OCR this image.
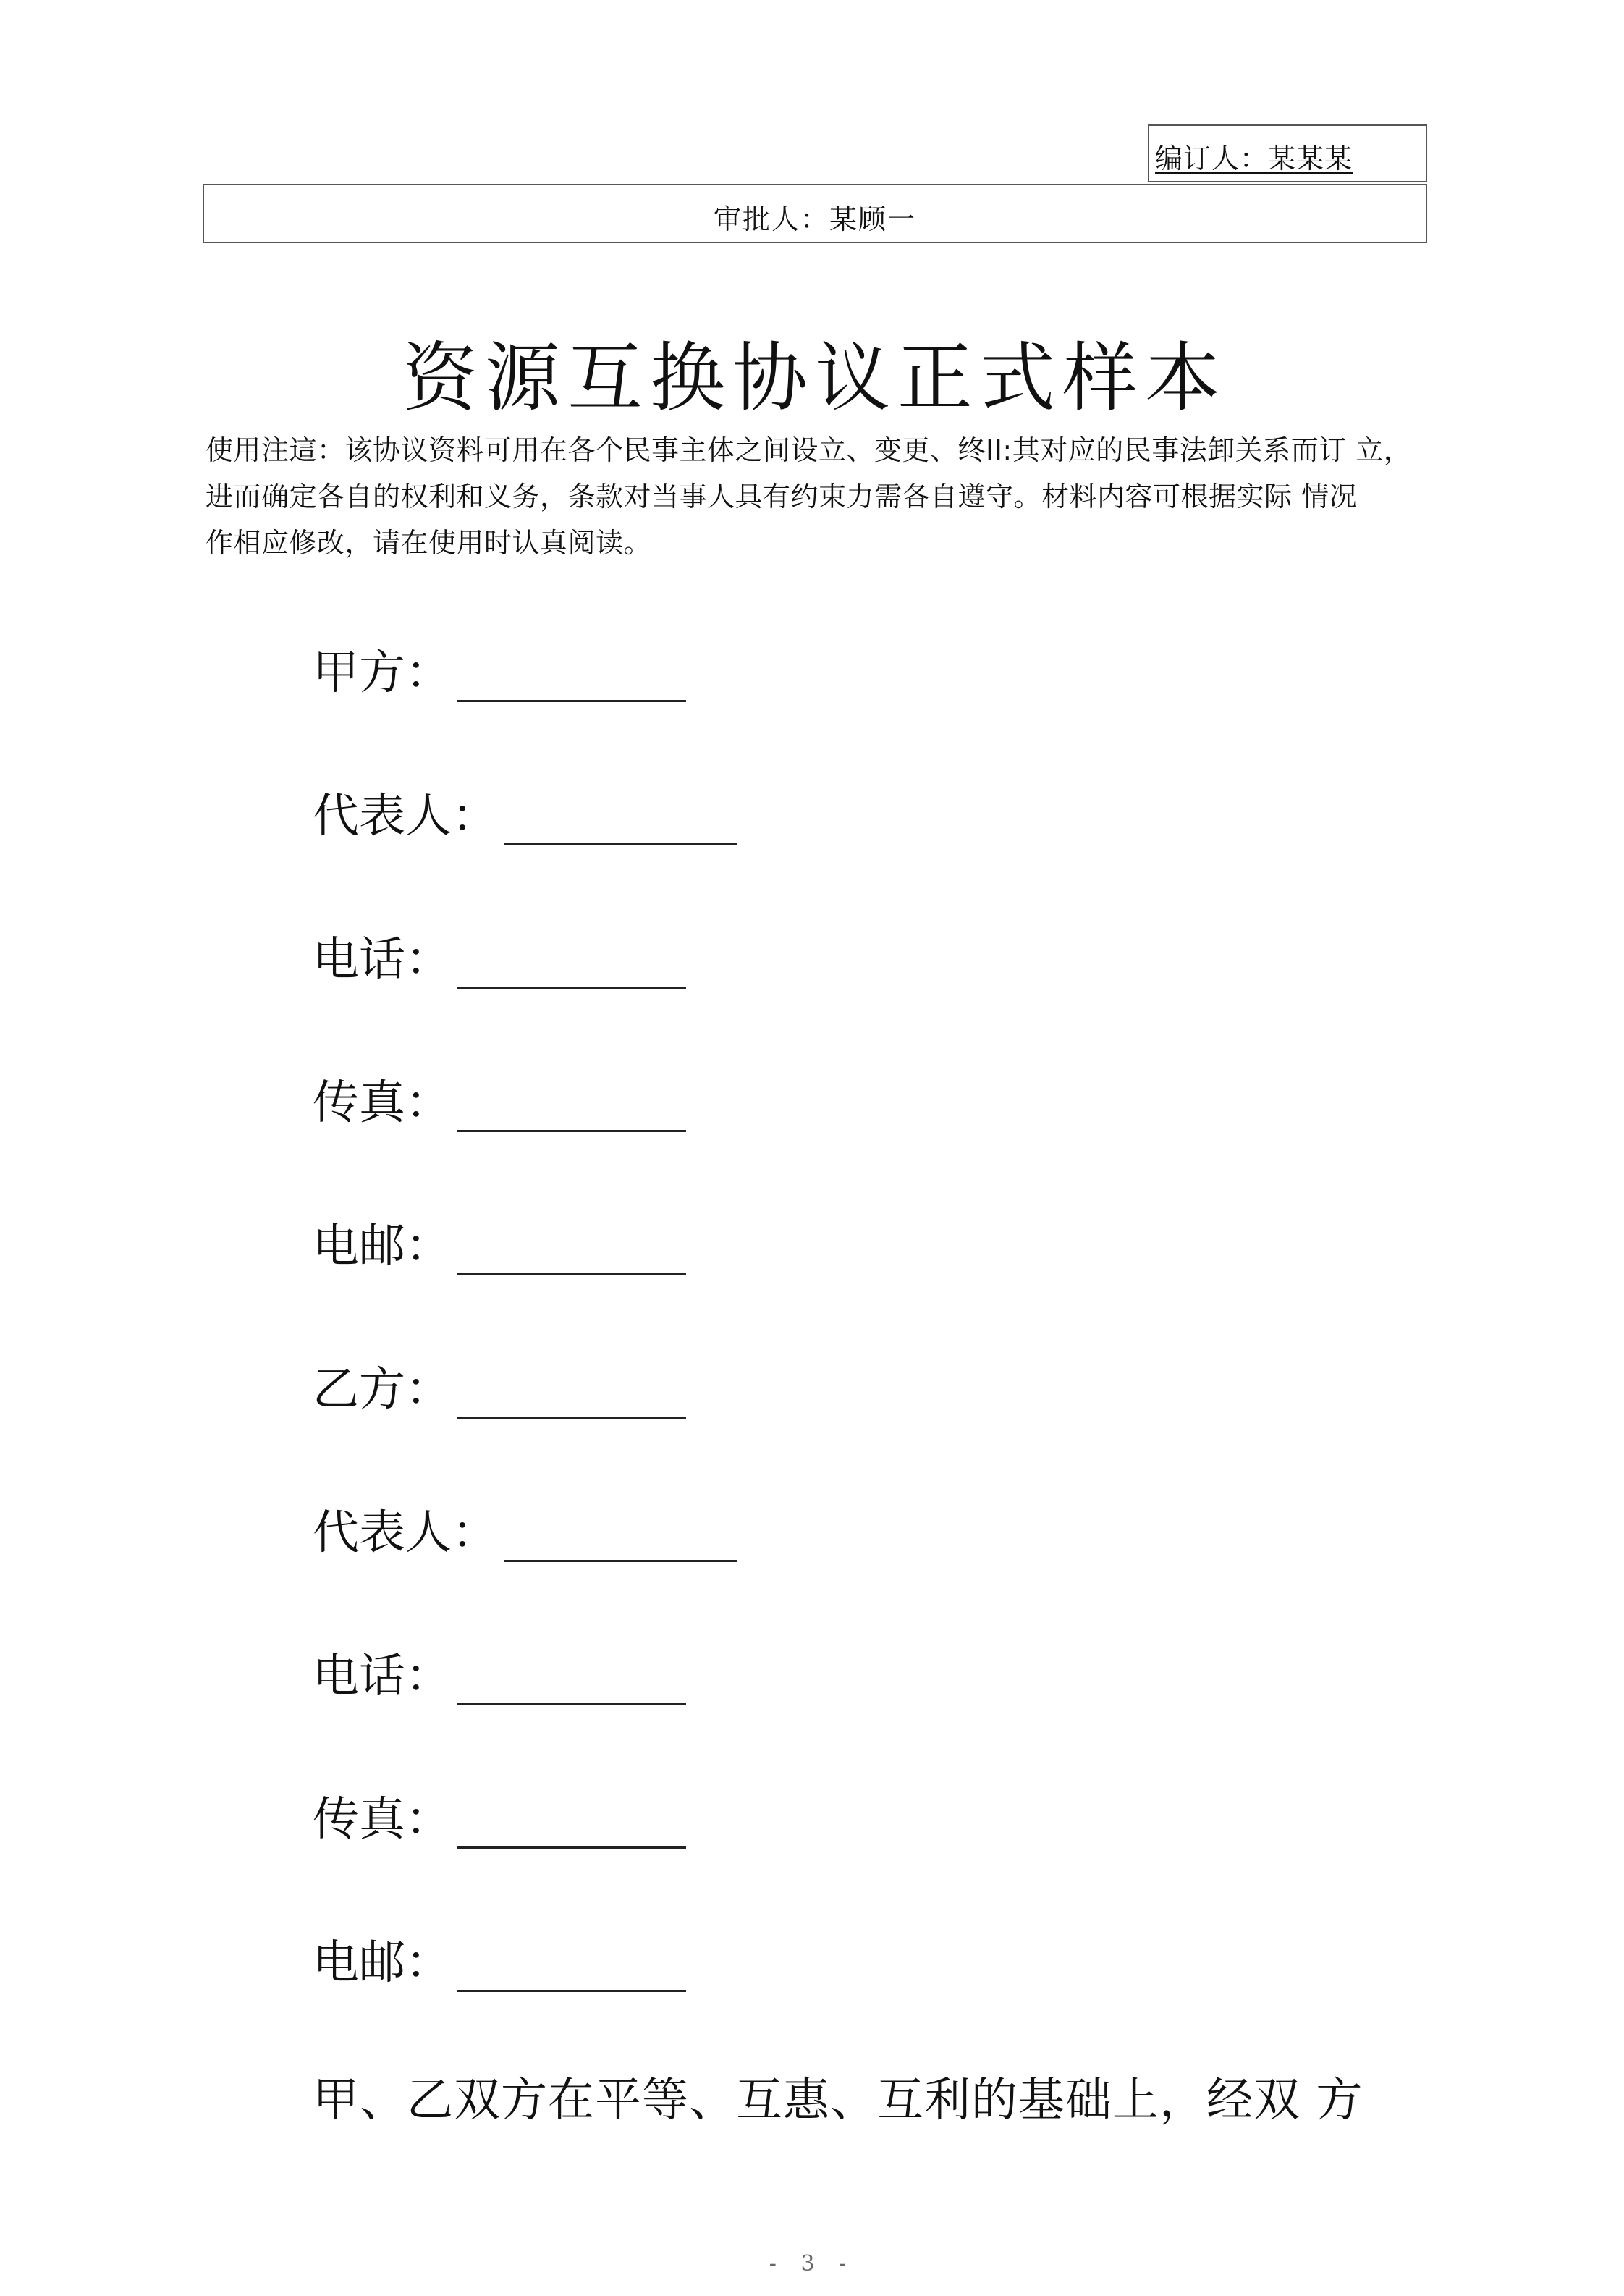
编订人：某某某
审批人：某顾一
资源互换协议正式样本
使用注這：该协议资料可用在各个民事主体之间设立、变更、终II:其对应的民事法卸关系而订 立，
进而确定各自的权利和义务，条款对当事人具有约束力需各自遵守。材料内容可根据实际 情况
作相应修改，请在使用时认真阅读。
甲方：
代表人：
电话：
传真：
电邮：
乙方：
代表人：
电话：
传真：
电邮：

甲、乙双方在平等、互惠、互利的基础上，经双 方

- 3 -
